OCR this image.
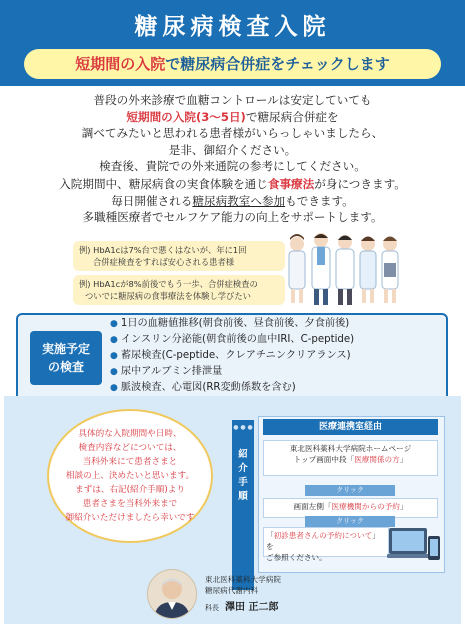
糖尿病検査入院
短期間の入院で糖尿病合併症をチェックします
普段の外来診療で血糖コントロールは安定していても
短期間の入院(3〜5日)で糖尿病合併症を
調べてみたいと思われる患者様がいらっしゃいましたら、
是非、御紹介ください。
検査後、貴院での外来通院の参考にしてください。
入院期間中、糖尿病食の実食体験を通じ食事療法が身につきます。
毎日開催される糖尿病教室へ参加もできます。
多職種医療者でセルフケア能力の向上をサポートします。
例) HbA1cは7%台で悪くはないが、年に1回
合併症検査をすれば安心される患者様
例) HbA1cが8%前後でもう一歩、合併症検査の
ついでに糖尿病の食事療法を体験し学びたい
実施予定
の検査
● 1日の血糖値推移(朝食前後、昼食前後、夕食前後)
● インスリン分泌能(朝食前後の血中IRI、C-peptide)
● 蓄尿検査(C-peptide、クレアチニンクリアランス)
● 尿中アルブミン排泄量
● 脈波検査、心電図(RR変動係数を含む)
具体的な入院期間や日時、
検査内容などについては、
当科外来にて患者さまと
相談の上、決めたいと思います。
まずは、右記(紹介手順)より
患者さまを当科外来まで
御紹介いただけましたら幸いです
● ● ●
紹
介
手
順
医療連携室経由
東北医科薬科大学病院ホームページ
トップ画面中段「医療関係の方」
クリック
画面左側「医療機関からの予約」
クリック
「初診患者さんの予約について」を
ご参照ください。
東北医科薬科大学病院
糖尿病代謝内科
科長 澤田 正二郎
